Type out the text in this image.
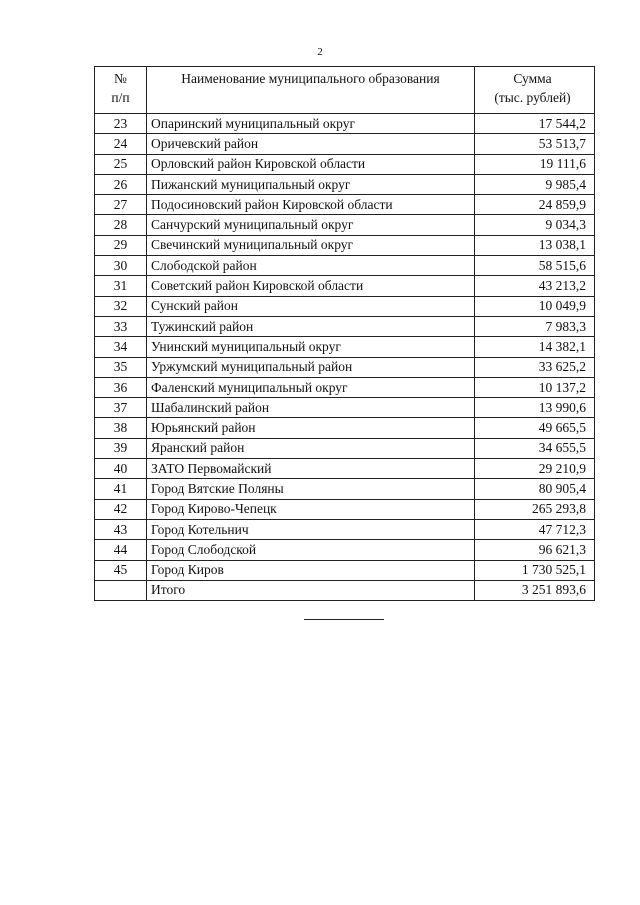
2
№
п/п	Наименование муниципального образования	Сумма
(тыс. рублей)

23	Опаринский муниципальный округ	17 544,2
24	Оричевский район	53 513,7
25	Орловский район Кировской области	19 111,6
26	Пижанский муниципальный округ	9 985,4
27	Подосиновский район Кировской области	24 859,9
28	Санчурский муниципальный округ	9 034,3
29	Свечинский муниципальный округ	13 038,1
30	Слободской район	58 515,6
31	Советский район Кировской области	43 213,2
32	Сунский район	10 049,9
33	Тужинский район	7 983,3
34	Унинский муниципальный округ	14 382,1
35	Уржумский муниципальный район	33 625,2
36	Фаленский муниципальный округ	10 137,2
37	Шабалинский район	13 990,6
38	Юрьянский район	49 665,5
39	Яранский район	34 655,5
40	ЗАТО Первомайский	29 210,9
41	Город Вятские Поляны	80 905,4
42	Город Кирово-Чепецк	265 293,8
43	Город Котельнич	47 712,3
44	Город Слободской	96 621,3
45	Город Киров	1 730 525,1
	Итого	3 251 893,6
